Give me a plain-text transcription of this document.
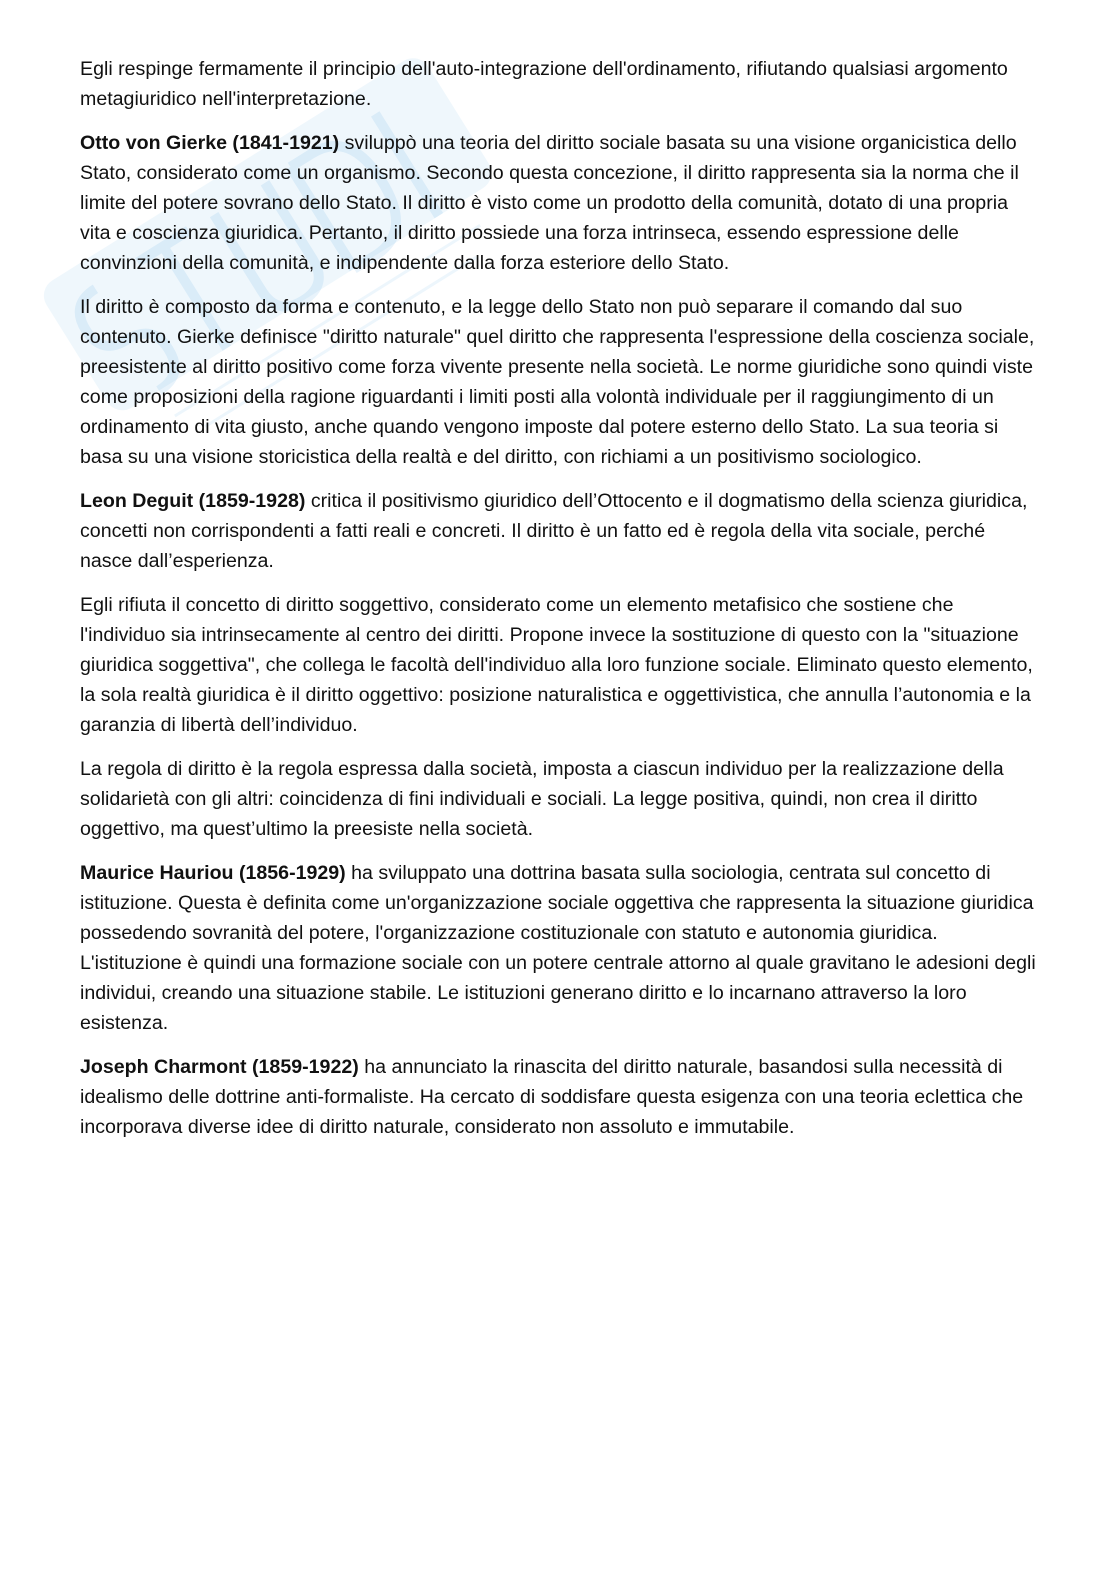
Egli respinge fermamente il principio dell'auto-integrazione dell'ordinamento, rifiutando qualsiasi argomento metagiuridico nell'interpretazione.

Otto von Gierke (1841-1921) sviluppò una teoria del diritto sociale basata su una visione organicistica dello Stato, considerato come un organismo. Secondo questa concezione, il diritto rappresenta sia la norma che il limite del potere sovrano dello Stato. Il diritto è visto come un prodotto della comunità, dotato di una propria vita e coscienza giuridica. Pertanto, il diritto possiede una forza intrinseca, essendo espressione delle convinzioni della comunità, e indipendente dalla forza esteriore dello Stato.

Il diritto è composto da forma e contenuto, e la legge dello Stato non può separare il comando dal suo contenuto. Gierke definisce "diritto naturale" quel diritto che rappresenta l'espressione della coscienza sociale, preesistente al diritto positivo come forza vivente presente nella società. Le norme giuridiche sono quindi viste come proposizioni della ragione riguardanti i limiti posti alla volontà individuale per il raggiungimento di un ordinamento di vita giusto, anche quando vengono imposte dal potere esterno dello Stato. La sua teoria si basa su una visione storicistica della realtà e del diritto, con richiami a un positivismo sociologico.

Leon Deguit (1859-1928) critica il positivismo giuridico dell’Ottocento e il dogmatismo della scienza giuridica, concetti non corrispondenti a fatti reali e concreti. Il diritto è un fatto ed è regola della vita sociale, perché nasce dall’esperienza.

Egli rifiuta il concetto di diritto soggettivo, considerato come un elemento metafisico che sostiene che l'individuo sia intrinsecamente al centro dei diritti. Propone invece la sostituzione di questo con la "situazione giuridica soggettiva", che collega le facoltà dell'individuo alla loro funzione sociale. Eliminato questo elemento, la sola realtà giuridica è il diritto oggettivo: posizione naturalistica e oggettivistica, che annulla l’autonomia e la garanzia di libertà dell’individuo.

La regola di diritto è la regola espressa dalla società, imposta a ciascun individuo per la realizzazione della solidarietà con gli altri: coincidenza di fini individuali e sociali. La legge positiva, quindi, non crea il diritto oggettivo, ma quest’ultimo la preesiste nella società.

Maurice Hauriou (1856-1929) ha sviluppato una dottrina basata sulla sociologia, centrata sul concetto di istituzione. Questa è definita come un'organizzazione sociale oggettiva che rappresenta la situazione giuridica possedendo sovranità del potere, l'organizzazione costituzionale con statuto e autonomia giuridica. L'istituzione è quindi una formazione sociale con un potere centrale attorno al quale gravitano le adesioni degli individui, creando una situazione stabile. Le istituzioni generano diritto e lo incarnano attraverso la loro esistenza.

Joseph Charmont (1859-1922) ha annunciato la rinascita del diritto naturale, basandosi sulla necessità di idealismo delle dottrine anti-formaliste. Ha cercato di soddisfare questa esigenza con una teoria eclettica che incorporava diverse idee di diritto naturale, considerato non assoluto e immutabile.
